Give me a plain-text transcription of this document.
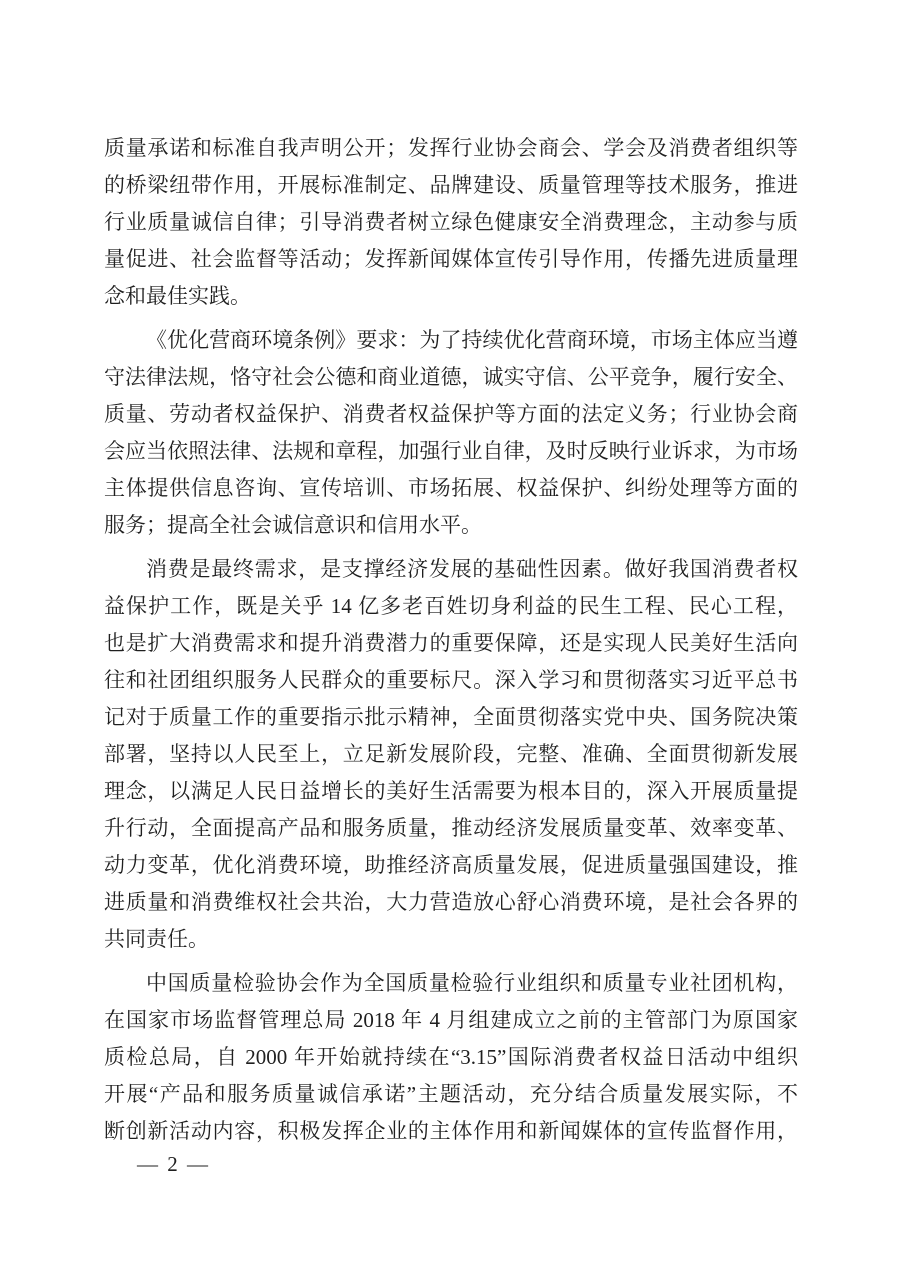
质量承诺和标准自我声明公开；发挥行业协会商会、学会及消费者组织等
的桥梁纽带作用，开展标准制定、品牌建设、质量管理等技术服务，推进
行业质量诚信自律；引导消费者树立绿色健康安全消费理念，主动参与质
量促进、社会监督等活动；发挥新闻媒体宣传引导作用，传播先进质量理
念和最佳实践。
《优化营商环境条例》要求：为了持续优化营商环境，市场主体应当遵
守法律法规，恪守社会公德和商业道德，诚实守信、公平竞争，履行安全、
质量、劳动者权益保护、消费者权益保护等方面的法定义务；行业协会商
会应当依照法律、法规和章程，加强行业自律，及时反映行业诉求，为市场
主体提供信息咨询、宣传培训、市场拓展、权益保护、纠纷处理等方面的
服务；提高全社会诚信意识和信用水平。
消费是最终需求，是支撑经济发展的基础性因素。做好我国消费者权
益保护工作，既是关乎 14 亿多老百姓切身利益的民生工程、民心工程，
也是扩大消费需求和提升消费潜力的重要保障，还是实现人民美好生活向
往和社团组织服务人民群众的重要标尺。深入学习和贯彻落实习近平总书
记对于质量工作的重要指示批示精神，全面贯彻落实党中央、国务院决策
部署，坚持以人民至上，立足新发展阶段，完整、准确、全面贯彻新发展
理念，以满足人民日益增长的美好生活需要为根本目的，深入开展质量提
升行动，全面提高产品和服务质量，推动经济发展质量变革、效率变革、
动力变革，优化消费环境，助推经济高质量发展，促进质量强国建设，推
进质量和消费维权社会共治，大力营造放心舒心消费环境，是社会各界的
共同责任。
中国质量检验协会作为全国质量检验行业组织和质量专业社团机构，
在国家市场监督管理总局 2018 年 4 月组建成立之前的主管部门为原国家
质检总局，自 2000 年开始就持续在“3.15”国际消费者权益日活动中组织
开展“产品和服务质量诚信承诺”主题活动，充分结合质量发展实际，不
断创新活动内容，积极发挥企业的主体作用和新闻媒体的宣传监督作用，
— 2 —
